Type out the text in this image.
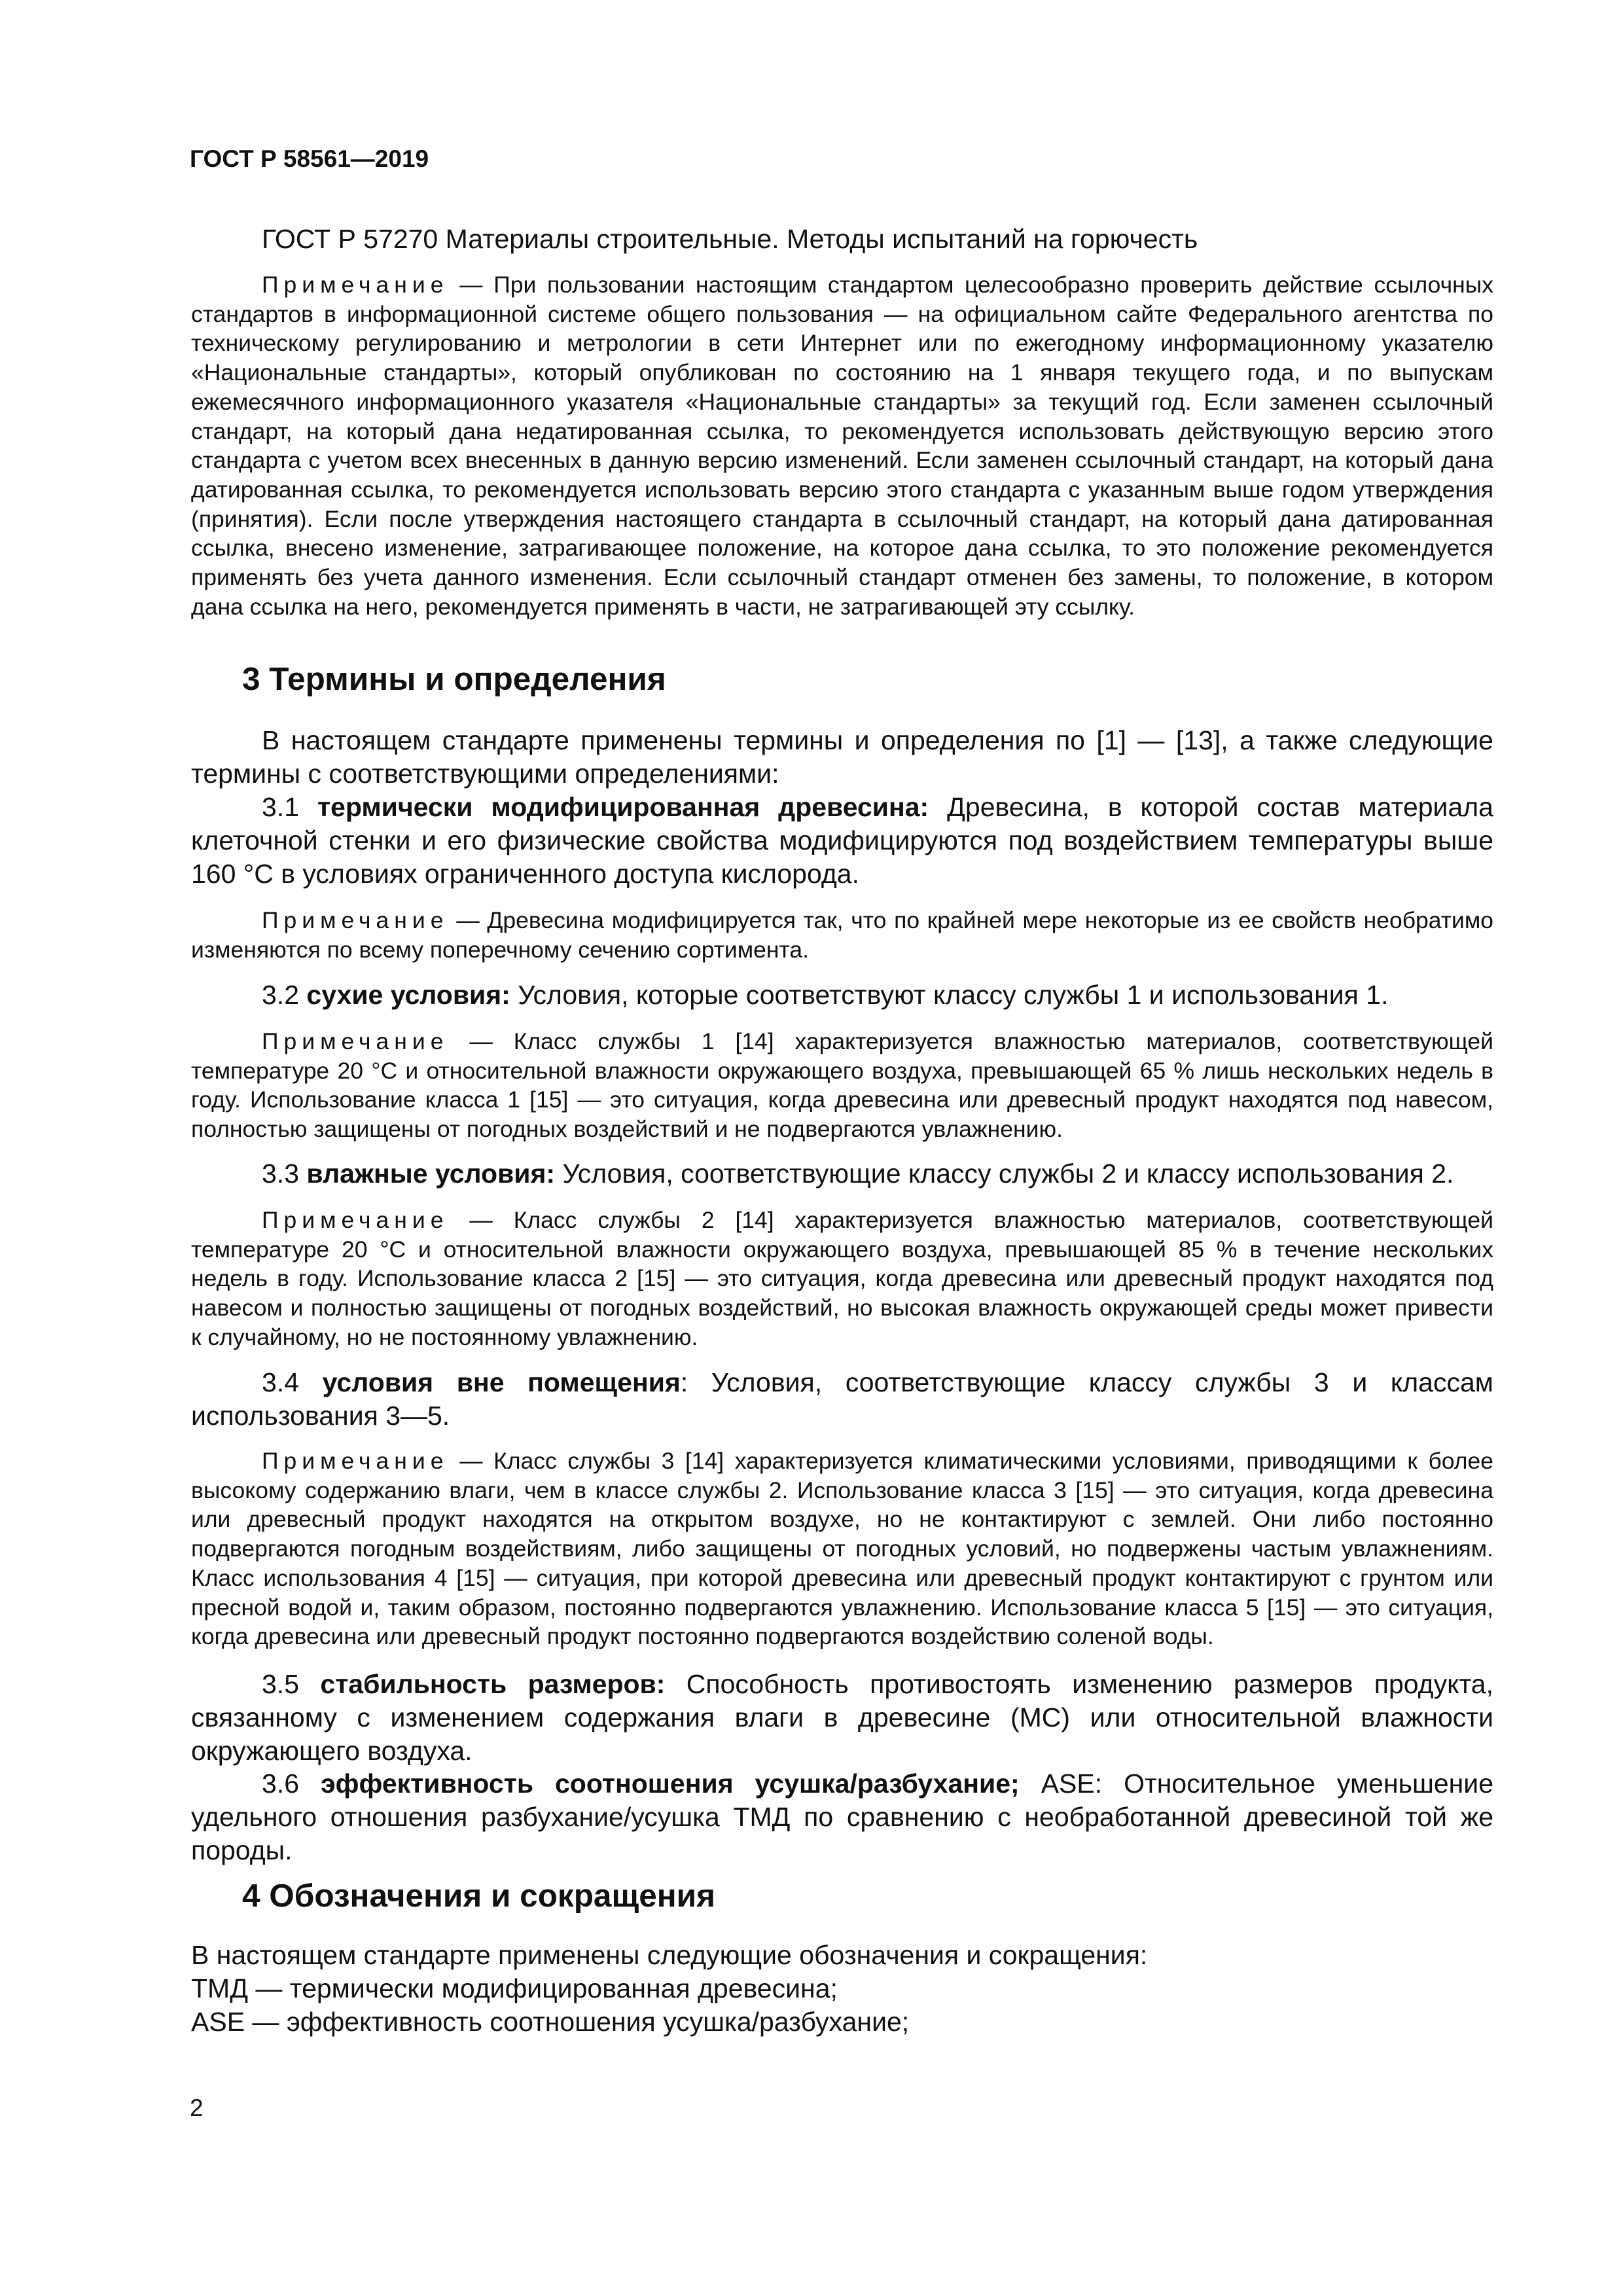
ГОСТ Р 58561—2019

ГОСТ Р 57270 Материалы строительные. Методы испытаний на горючесть

Примечание — При пользовании настоящим стандартом целесообразно проверить действие ссылочных стандартов в информационной системе общего пользования — на официальном сайте Федерального агентства по техническому регулированию и метрологии в сети Интернет или по ежегодному информационному указателю «Национальные стандарты», который опубликован по состоянию на 1 января текущего года, и по выпускам ежемесячного информационного указателя «Национальные стандарты» за текущий год. Если заменен ссылочный стандарт, на который дана недатированная ссылка, то рекомендуется использовать действующую версию этого стандарта с учетом всех внесенных в данную версию изменений. Если заменен ссылочный стандарт, на который дана датированная ссылка, то рекомендуется использовать версию этого стандарта с указанным выше годом утверждения (принятия). Если после утверждения настоящего стандарта в ссылочный стандарт, на который дана датированная ссылка, внесено изменение, затрагивающее положение, на которое дана ссылка, то это положение рекомендуется применять без учета данного изменения. Если ссылочный стандарт отменен без замены, то положение, в котором дана ссылка на него, рекомендуется применять в части, не затрагивающей эту ссылку.

3 Термины и определения

В настоящем стандарте применены термины и определения по [1] — [13], а также следующие термины с соответствующими определениями:

3.1 термически модифицированная древесина: Древесина, в которой состав материала клеточной стенки и его физические свойства модифицируются под воздействием температуры выше 160 °С в условиях ограниченного доступа кислорода.

Примечание — Древесина модифицируется так, что по крайней мере некоторые из ее свойств необратимо изменяются по всему поперечному сечению сортимента.

3.2 сухие условия: Условия, которые соответствуют классу службы 1 и использования 1.

Примечание — Класс службы 1 [14] характеризуется влажностью материалов, соответствующей температуре 20 °С и относительной влажности окружающего воздуха, превышающей 65 % лишь нескольких недель в году. Использование класса 1 [15] — это ситуация, когда древесина или древесный продукт находятся под навесом, полностью защищены от погодных воздействий и не подвергаются увлажнению.

3.3 влажные условия: Условия, соответствующие классу службы 2 и классу использования 2.

Примечание — Класс службы 2 [14] характеризуется влажностью материалов, соответствующей температуре 20 °С и относительной влажности окружающего воздуха, превышающей 85 % в течение нескольких недель в году. Использование класса 2 [15] — это ситуация, когда древесина или древесный продукт находятся под навесом и полностью защищены от погодных воздействий, но высокая влажность окружающей среды может привести к случайному, но не постоянному увлажнению.

3.4 условия вне помещения: Условия, соответствующие классу службы 3 и классам использования 3—5.

Примечание — Класс службы 3 [14] характеризуется климатическими условиями, приводящими к более высокому содержанию влаги, чем в классе службы 2. Использование класса 3 [15] — это ситуация, когда древесина или древесный продукт находятся на открытом воздухе, но не контактируют с землей. Они либо постоянно подвергаются погодным воздействиям, либо защищены от погодных условий, но подвержены частым увлажнениям. Класс использования 4 [15] — ситуация, при которой древесина или древесный продукт контактируют с грунтом или пресной водой и, таким образом, постоянно подвергаются увлажнению. Использование класса 5 [15] — это ситуация, когда древесина или древесный продукт постоянно подвергаются воздействию соленой воды.

3.5 стабильность размеров: Способность противостоять изменению размеров продукта, связанному с изменением содержания влаги в древесине (МС) или относительной влажности окружающего воздуха.

3.6 эффективность соотношения усушка/разбухание; ASE: Относительное уменьшение удельного отношения разбухание/усушка ТМД по сравнению с необработанной древесиной той же породы.

4 Обозначения и сокращения

В настоящем стандарте применены следующие обозначения и сокращения:

ТМД — термически модифицированная древесина;

ASE — эффективность соотношения усушка/разбухание;

2
